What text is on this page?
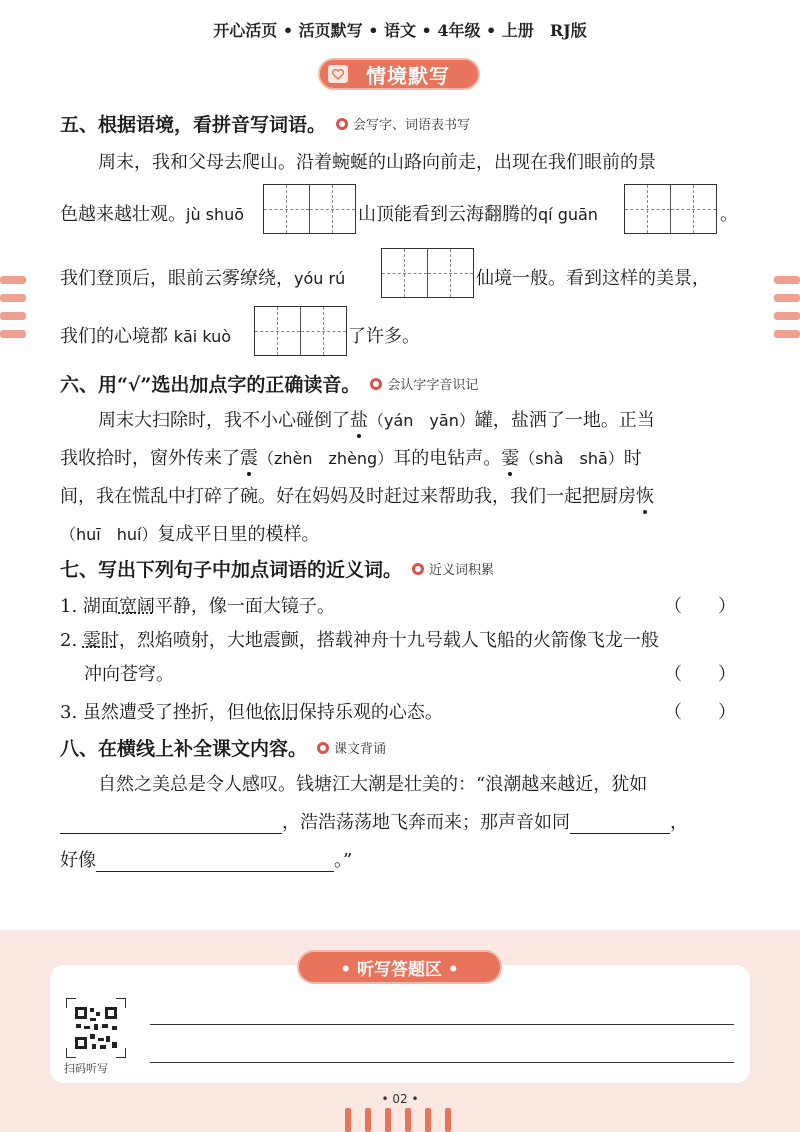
开心活页 • 活页默写 • 语文 • 4年级 • 上册　RJ版
情境默写
五、根据语境，看拼音写词语。 会写字、词语表书写
周末，我和父母去爬山。沿着蜿蜒的山路向前走，出现在我们眼前的景
色越来越壮观。jù shuō	山顶能看到云海翻腾的qí guān	。
我们登顶后，眼前云雾缭绕，yóu rú	仙境一般。看到这样的美景，
我们的心境都 kāi kuò	了许多。
六、用“√”选出加点字的正确读音。 会认字字音识记
周末大扫除时，我不小心碰倒了盐（yán　yān）罐，盐洒了一地。正当
我收拾时，窗外传来了震（zhèn　zhèng）耳的电钻声。霎（shà　shā）时
间，我在慌乱中打碎了碗。好在妈妈及时赶过来帮助我，我们一起把厨房恢
（huī　huí）复成平日里的模样。
七、写出下列句子中加点词语的近义词。 近义词积累
1. 湖面宽阔平静，像一面大镜子。	（　　）
2. 霎时，烈焰喷射，大地震颤，搭载神舟十九号载人飞船的火箭像飞龙一般
冲向苍穹。	（　　）
3. 虽然遭受了挫折，但他依旧保持乐观的心态。	（　　）
八、在横线上补全课文内容。 课文背诵
自然之美总是令人感叹。钱塘江大潮是壮美的：“浪潮越来越近，犹如
，浩浩荡荡地飞奔而来；那声音如同	，
好像	。”
• 听写答题区 •
扫码听写
• 02 •
